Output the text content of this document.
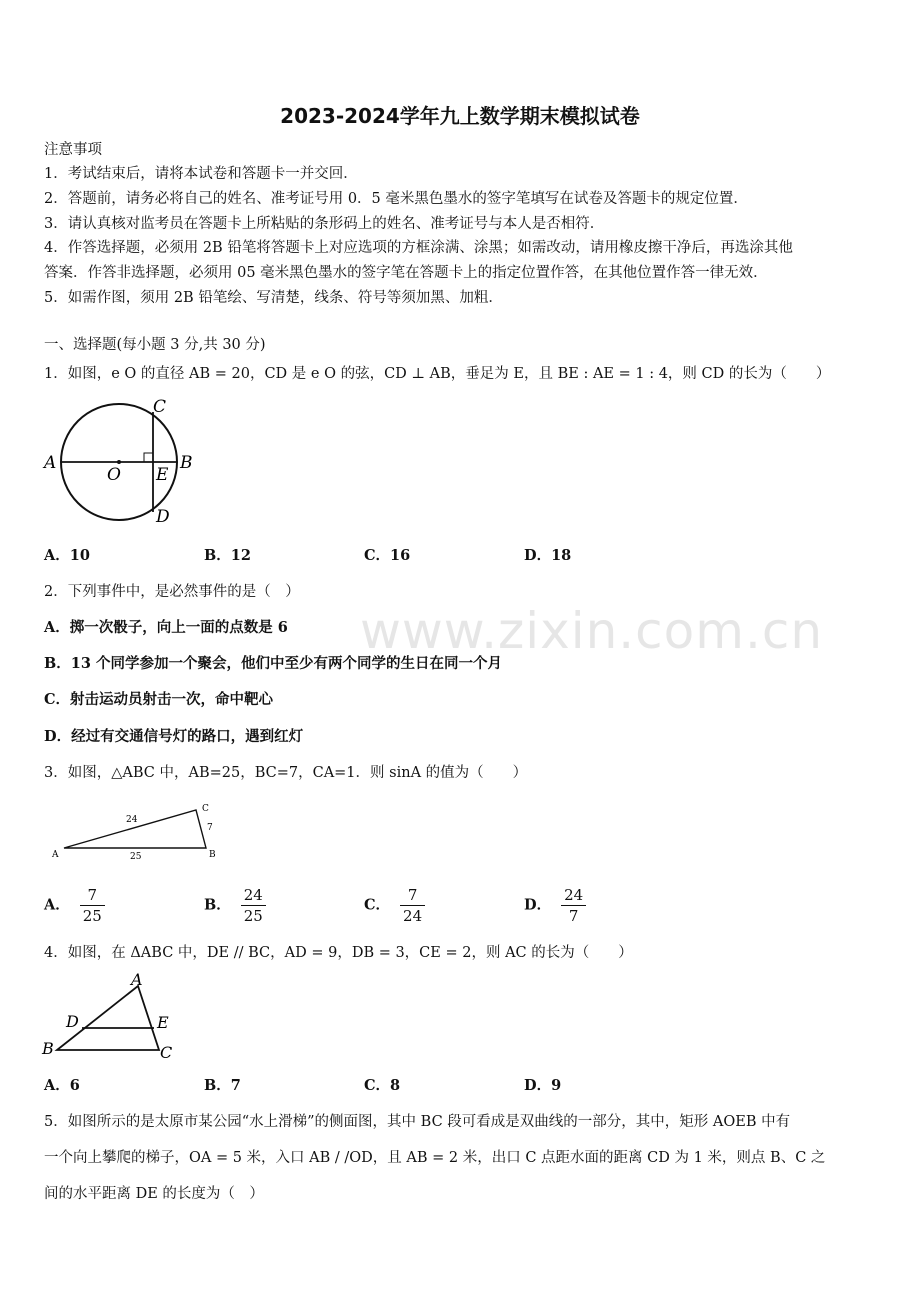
www.zixin.com.cn
2023-2024学年九上数学期末模拟试卷
注意事项
1．考试结束后，请将本试卷和答题卡一并交回．
2．答题前，请务必将自己的姓名、准考证号用 0．5 毫米黑色墨水的签字笔填写在试卷及答题卡的规定位置．
3．请认真核对监考员在答题卡上所粘贴的条形码上的姓名、准考证号与本人是否相符．
4．作答选择题，必须用 2B 铅笔将答题卡上对应选项的方框涂满、涂黑；如需改动，请用橡皮擦干净后，再选涂其他
答案．作答非选择题，必须用 05 毫米黑色墨水的签字笔在答题卡上的指定位置作答，在其他位置作答一律无效．
5．如需作图，须用 2B 铅笔绘、写清楚，线条、符号等须加黑、加粗．
一、选择题(每小题 3 分,共 30 分)
1．如图，e O 的直径 AB = 20，CD 是 e O 的弦，CD ⊥ AB，垂足为 E，且 BE : AE = 1 : 4，则 CD 的长为（　　）
A	B
C
D
E
O
A．10	B．12	C．16	D．18
2．下列事件中，是必然事件的是（　）
A．掷一次骰子，向上一面的点数是 6
B．13 个同学参加一个聚会，他们中至少有两个同学的生日在同一个月
C．射击运动员射击一次，命中靶心
D．经过有交通信号灯的路口，遇到红灯
3．如图，△ABC 中，AB=25，BC=7，CA=1．则 sinA 的值为（　　）
A	B
C
24
7
25
A． $\frac{7}{25}$	B． $\frac{24}{25}$	C． $\frac{7}{24}$	D． $\frac{24}{7}$
4．如图，在 ΔABC 中，DE // BC，AD = 9，DB = 3，CE = 2，则 AC 的长为（　　）
A
B	C
D	E
A．6	B．7	C．8	D．9
5．如图所示的是太原市某公园“水上滑梯”的侧面图，其中 BC 段可看成是双曲线的一部分，其中，矩形 AOEB 中有
一个向上攀爬的梯子，OA = 5 米，入口 AB / /OD，且 AB = 2 米，出口 C 点距水面的距离 CD 为 1 米，则点 B、C 之
间的水平距离 DE 的长度为（　）
